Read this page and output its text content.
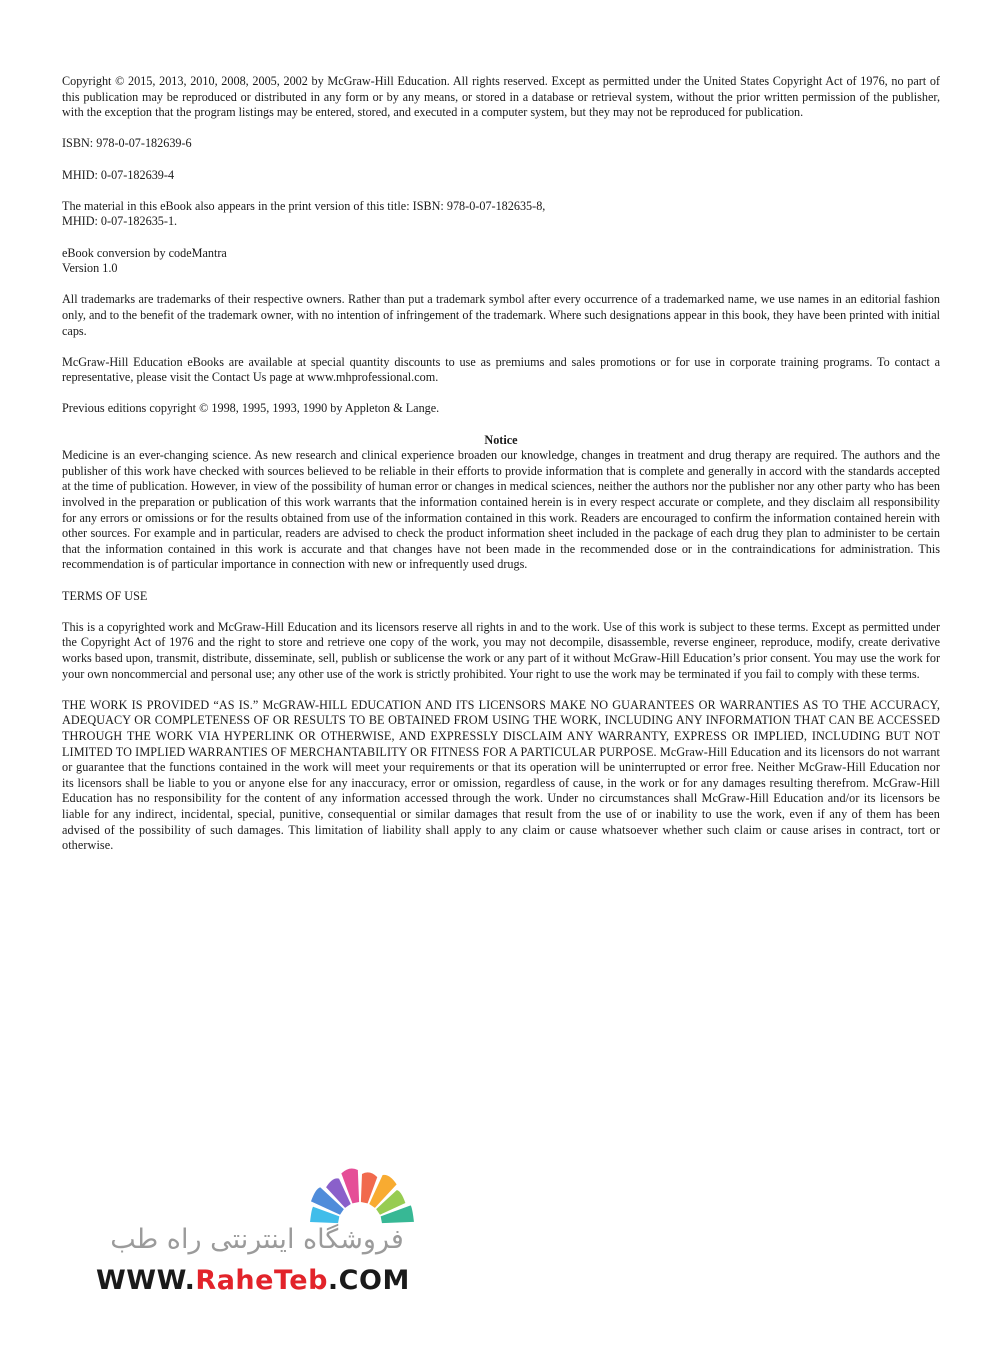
Copyright © 2015, 2013, 2010, 2008, 2005, 2002 by McGraw-Hill Education. All rights reserved. Except as permitted under the United States Copyright Act of 1976, no part of this publication may be reproduced or distributed in any form or by any means, or stored in a database or retrieval system, without the prior written permission of the publisher, with the exception that the program listings may be entered, stored, and executed in a computer system, but they may not be reproduced for publication.

ISBN: 978-0-07-182639-6

MHID: 0-07-182639-4

The material in this eBook also appears in the print version of this title: ISBN: 978-0-07-182635-8,

MHID: 0-07-182635-1.

eBook conversion by codeMantra

Version 1.0

All trademarks are trademarks of their respective owners. Rather than put a trademark symbol after every occurrence of a trademarked name, we use names in an editorial fashion only, and to the benefit of the trademark owner, with no intention of infringement of the trademark. Where such designations appear in this book, they have been printed with initial caps.

McGraw-Hill Education eBooks are available at special quantity discounts to use as premiums and sales promotions or for use in corporate training programs. To contact a representative, please visit the Contact Us page at www.mhprofessional.com.

Previous editions copyright © 1998, 1995, 1993, 1990 by Appleton & Lange.

Notice

Medicine is an ever-changing science. As new research and clinical experience broaden our knowledge, changes in treatment and drug therapy are required. The authors and the publisher of this work have checked with sources believed to be reliable in their efforts to provide information that is complete and generally in accord with the standards accepted at the time of publication. However, in view of the possibility of human error or changes in medical sciences, neither the authors nor the publisher nor any other party who has been involved in the preparation or publication of this work warrants that the information contained herein is in every respect accurate or complete, and they disclaim all responsibility for any errors or omissions or for the results obtained from use of the information contained in this work. Readers are encouraged to confirm the information contained herein with other sources. For example and in particular, readers are advised to check the product information sheet included in the package of each drug they plan to administer to be certain that the information contained in this work is accurate and that changes have not been made in the recommended dose or in the contraindications for administration. This recommendation is of particular importance in connection with new or infrequently used drugs.

TERMS OF USE

This is a copyrighted work and McGraw-Hill Education and its licensors reserve all rights in and to the work. Use of this work is subject to these terms. Except as permitted under the Copyright Act of 1976 and the right to store and retrieve one copy of the work, you may not decompile, disassemble, reverse engineer, reproduce, modify, create derivative works based upon, transmit, distribute, disseminate, sell, publish or sublicense the work or any part of it without McGraw-Hill Education’s prior consent. You may use the work for your own noncommercial and personal use; any other use of the work is strictly prohibited. Your right to use the work may be terminated if you fail to comply with these terms.

THE WORK IS PROVIDED “AS IS.” McGRAW-HILL EDUCATION AND ITS LICENSORS MAKE NO GUARANTEES OR WARRANTIES AS TO THE ACCURACY, ADEQUACY OR COMPLETENESS OF OR RESULTS TO BE OBTAINED FROM USING THE WORK, INCLUDING ANY INFORMATION THAT CAN BE ACCESSED THROUGH THE WORK VIA HYPERLINK OR OTHERWISE, AND EXPRESSLY DISCLAIM ANY WARRANTY, EXPRESS OR IMPLIED, INCLUDING BUT NOT LIMITED TO IMPLIED WARRANTIES OF MERCHANTABILITY OR FITNESS FOR A PARTICULAR PURPOSE. McGraw-Hill Education and its licensors do not warrant or guarantee that the functions contained in the work will meet your requirements or that its operation will be uninterrupted or error free. Neither McGraw-Hill Education nor its licensors shall be liable to you or anyone else for any inaccuracy, error or omission, regardless of cause, in the work or for any damages resulting therefrom. McGraw-Hill Education has no responsibility for the content of any information accessed through the work. Under no circumstances shall McGraw-Hill Education and/or its licensors be liable for any indirect, incidental, special, punitive, consequential or similar damages that result from the use of or inability to use the work, even if any of them has been advised of the possibility of such damages. This limitation of liability shall apply to any claim or cause whatsoever whether such claim or cause arises in contract, tort or otherwise.

فروشگاه اینترنتی راه طب
WWW.RaheTeb.COM
